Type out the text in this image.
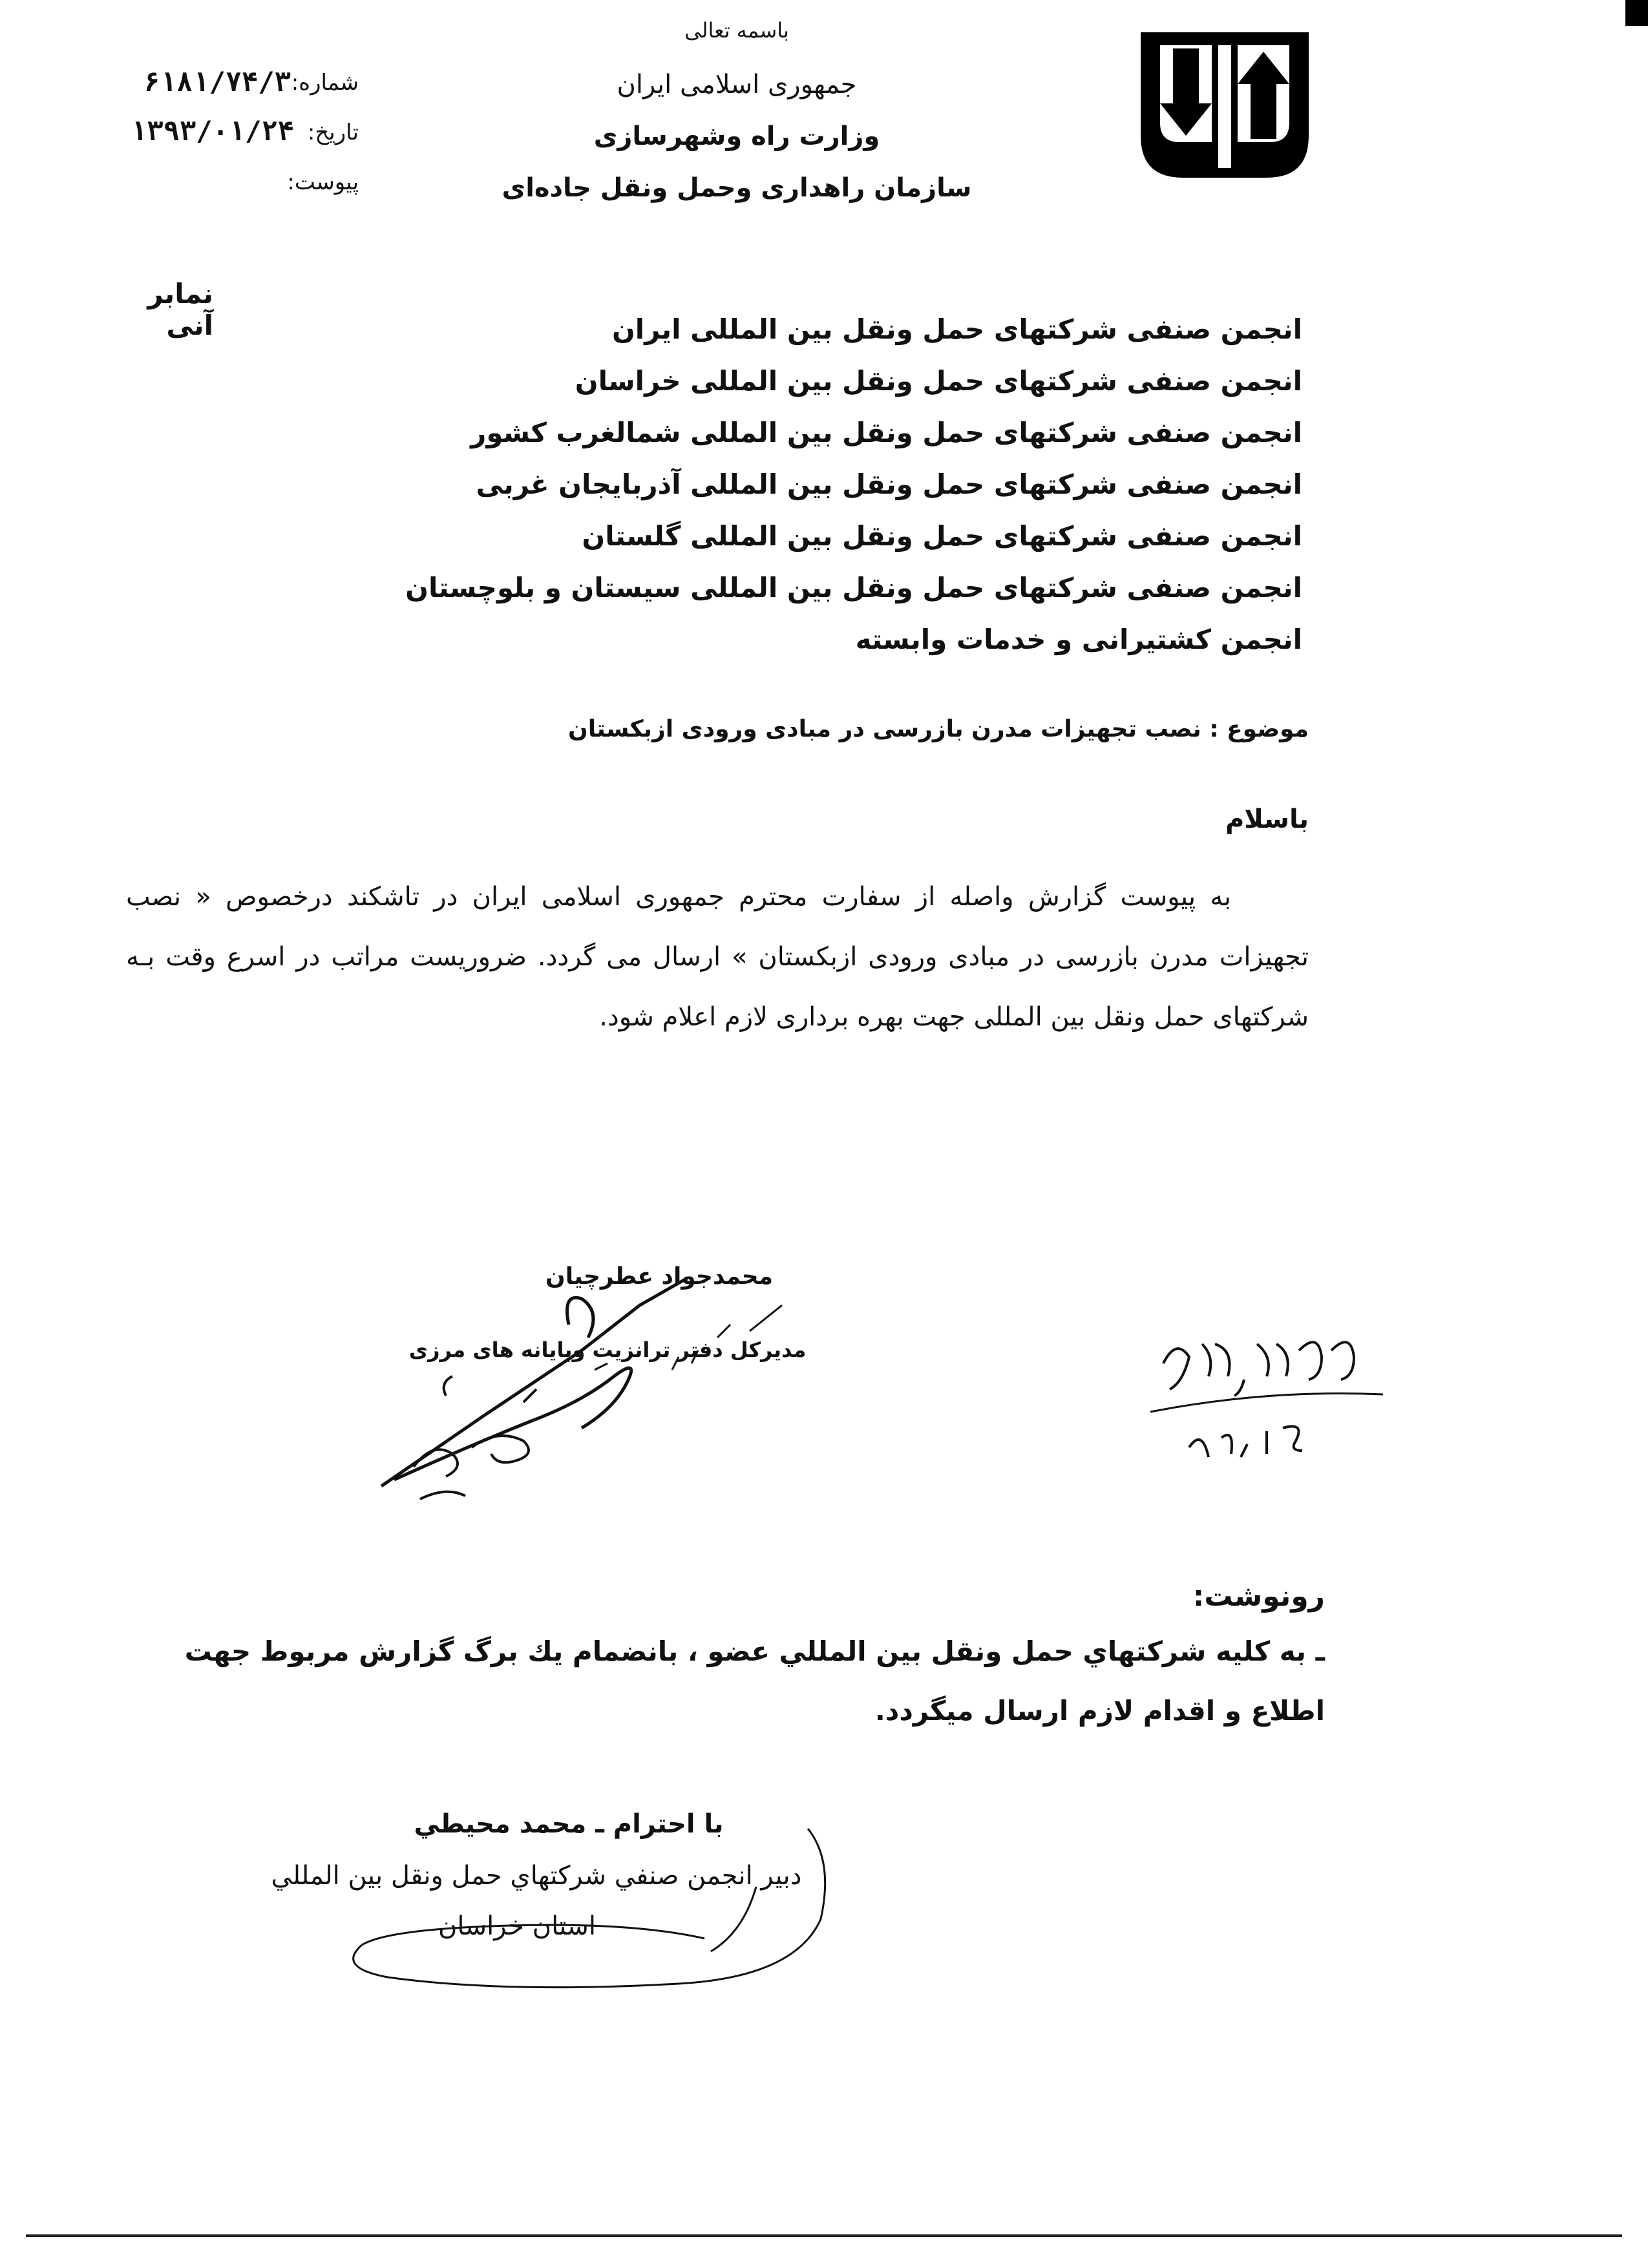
باسمه تعالی
جمهوری اسلامی ایران
وزارت راه وشهرسازی
سازمان راهداری وحمل ونقل جاده‌ای
شماره:
۶۱۸۱/۷۴/۳
تاریخ:
۱۳۹۳/۰۱/۲۴
پیوست:
نمابر آنی	انجمن صنفی شرکتهای حمل ونقل بین المللی ایران
انجمن صنفی شرکتهای حمل ونقل بین المللی خراسان
انجمن صنفی شرکتهای حمل ونقل بین المللی شمالغرب کشور
انجمن صنفی شرکتهای حمل ونقل بین المللی آذربایجان غربی
انجمن صنفی شرکتهای حمل ونقل بین المللی گلستان
انجمن صنفی شرکتهای حمل ونقل بین المللی سیستان و بلوچستان
انجمن کشتیرانی و خدمات وابسته
موضوع : نصب تجهیزات مدرن بازرسی در مبادی ورودی ازبکستان
باسلام
به پیوست گزارش واصله از سفارت محترم جمهوری اسلامی ایران در تاشکند درخصوص « نصب تجهیزات مدرن بازرسی در مبادی ورودی ازبکستان » ارسال می گردد. ضروریست مراتب در اسرع وقت بـه شرکتهای حمل ونقل بین المللی جهت بهره برداری لازم اعلام شود.
محمدجواد عطرچیان
مدیرکل دفتر ترانزیت وپایانه های مرزی
رونوشت:
ـ به کليه شرکتهاي حمل ونقل بين المللي عضو ، بانضمام يك برگ گزارش مربوط جهت اطلاع و اقدام لازم ارسال ميگردد.
با احترام ـ محمد محيطي
دبير انجمن صنفي شرکتهاي حمل ونقل بين المللي
استان خراسان
